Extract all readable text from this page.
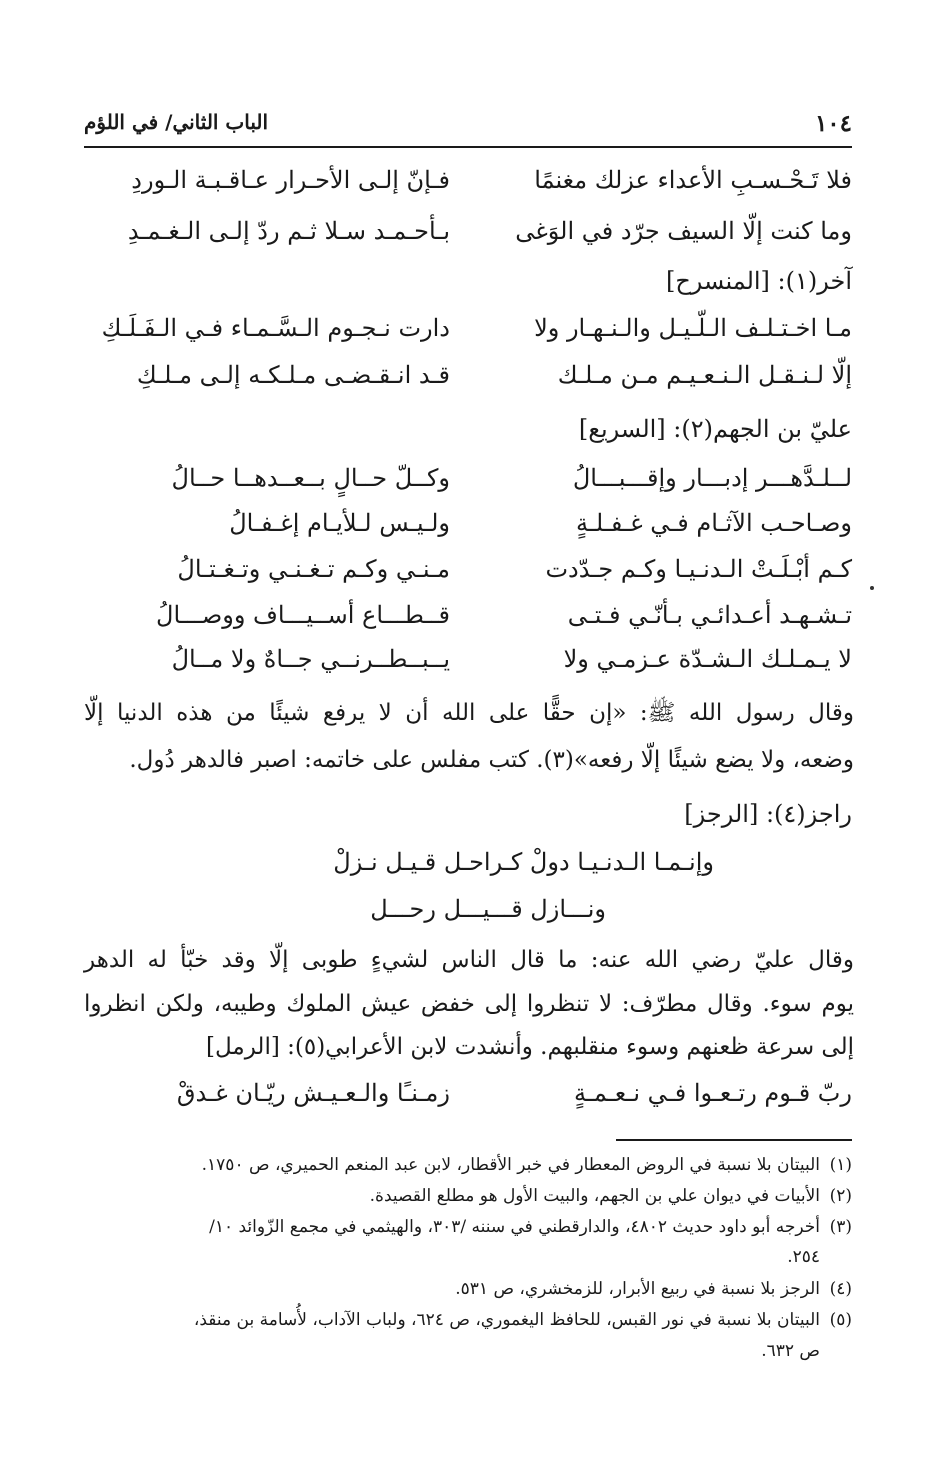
١٠٤
الباب الثاني/ في اللؤم
فلا تَـحْـسـبِ الأعداء عزلك مغنمًا
فـإنّ إلـى الأحـرار عـاقـبـة الـوردِ
وما كنت إلّا السيف جرّد في الوَغى
بـأحـمـد سـلا ثـم ردّ إلـى الـغـمـدِ
آخر(١): [المنسرح]
مـا اخـتـلـف الـلّـيـل والـنـهـار ولا
دارت نـجـوم الـسَّـمـاء فـي الـفَـلَـكِ
إلّا لـنـقـل الـنـعـيـم مـن مـلـك
قـد انـقـضـى مـلـكـه إلـى مـلـكِ
عليّ بن الجهم(٢): [السريع]
لــلـدَّهـــر إدبـــار وإقـــبـــالُ
وكــلّ حــالٍ بــعــدهــا حــالُ
وصـاحـب الآثـام فـي غـفـلـةٍ
ولـيـس لـلأيـام إغـفـالُ
كـم أبْـلَـتْ الـدنـيـا وكـم جـدّدت
مـنـي وكـم تـغـنـي وتـغـتـالُ
تـشـهـد أعـدائـي بـأنّـي فـتـى
قــطـــاع أســيـــاف ووصـــالُ
لا يـمـلـك الـشـدّة عـزمـي ولا
يــبــطــرنــي جــاهٌ ولا مــالُ
وقال رسول الله ﷺ: «إن حقًّا على الله أن لا يرفع شيئًا من هذه الدنيا إلّا
وضعه، ولا يضع شيئًا إلّا رفعه»(٣). كتب مفلس على خاتمه: اصبر فالدهر دُول.
راجز(٤): [الرجز]
وإنـمـا الـدنـيـا دولْ كـراحـل قـيـل نـزلْ
ونـــازل قـــيـــل رحـــل
وقال عليّ رضي الله عنه: ما قال الناس لشيءٍ طوبى إلّا وقد خبّأ له الدهر
يوم سوء. وقال مطرّف: لا تنظروا إلى خفض عيش الملوك وطيبه، ولكن انظروا
إلى سرعة ظعنهم وسوء منقلبهم. وأنشدت لابن الأعرابي(٥): [الرمل]
ربّ قـوم رتـعـوا فـي نـعـمـةٍ
زمـنـًا والـعـيـش ريّـان غـدقْ
(١)البيتان بلا نسبة في الروض المعطار في خبر الأقطار، لابن عبد المنعم الحميري، ص ١٧٥٠.
(٢)الأبيات في ديوان علي بن الجهم، والبيت الأول هو مطلع القصيدة.
(٣)أخرجه أبو داود حديث ٤٨٠٢، والدارقطني في سننه /٣٠٣، والهيثمي في مجمع الزّوائد ١٠/
٢٥٤.
(٤)الرجز بلا نسبة في ربيع الأبرار، للزمخشري، ص ٥٣١.
(٥)البيتان بلا نسبة في نور القبس، للحافظ اليغموري، ص ٦٢٤، ولباب الآداب، لأُسامة بن منقذ،
ص ٦٣٢.
